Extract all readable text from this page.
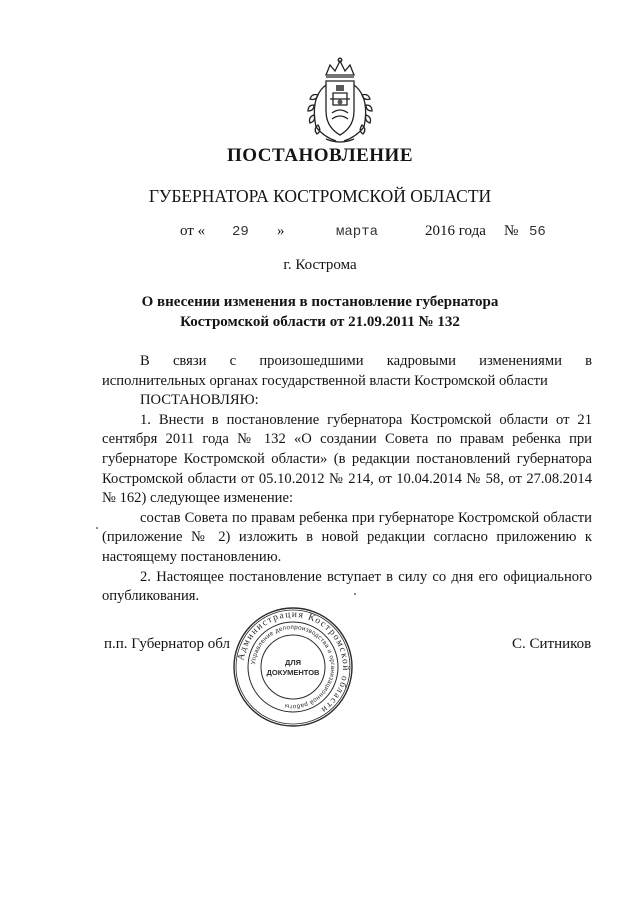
ПОСТАНОВЛЕНИЕ
ГУБЕРНАТОРА КОСТРОМСКОЙ ОБЛАСТИ
от « 29 »	марта	2016 года № 56
г. Кострома
О внесении изменения в постановление губернатора
Костромской области от 21.09.2011 № 132

В связи с произошедшими кадровыми изменениями в

исполнительных органах государственной власти Костромской области

ПОСТАНОВЛЯЮ:

1. Внести в постановление губернатора Костромской области от 21 сентября 2011 года № 132 «О создании Совета по правам ребенка при губернаторе Костромской области» (в редакции постановлений губернатора Костромской области от 05.10.2012 № 214, от 10.04.2014 № 58, от 27.08.2014 № 162) следующее изменение:

состав Совета по правам ребенка при губернаторе Костромской области (приложение № 2) изложить в новой редакции согласно приложению к настоящему постановлению.

2. Настоящее постановление вступает в силу со дня его официального опубликования.

п.п. Губернатор обл	С. Ситников
Администрация Костромской области
Управление делопроизводства и организационной работы
ДЛЯ
ДОКУМЕНТОВ
